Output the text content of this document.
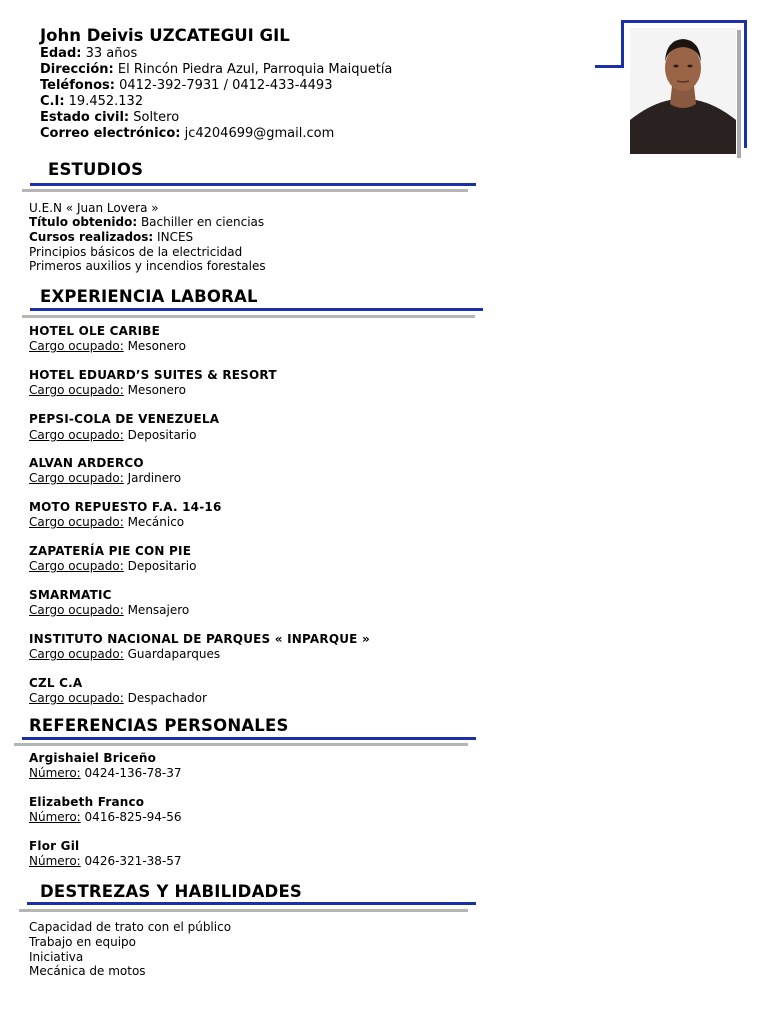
John Deivis UZCATEGUI GIL
Edad: 33 años
Dirección: El Rincón Piedra Azul, Parroquia Maiquetía
Teléfonos: 0412-392-7931 / 0412-433-4493
C.I: 19.452.132
Estado civil: Soltero
Correo electrónico: jc4204699@gmail.com
ESTUDIOS
U.E.N « Juan Lovera »
Título obtenido: Bachiller en ciencias
Cursos realizados: INCES
Principios básicos de la electricidad
Primeros auxilios y incendios forestales
EXPERIENCIA LABORAL
HOTEL OLE CARIBE
Cargo ocupado: Mesonero
HOTEL EDUARD’S SUITES & RESORT
Cargo ocupado: Mesonero
PEPSI-COLA DE VENEZUELA
Cargo ocupado: Depositario
ALVAN ARDERCO
Cargo ocupado: Jardinero
MOTO REPUESTO F.A. 14-16
Cargo ocupado: Mecánico
ZAPATERÍA PIE CON PIE
Cargo ocupado: Depositario
SMARMATIC
Cargo ocupado: Mensajero
INSTITUTO NACIONAL DE PARQUES « INPARQUE »
Cargo ocupado: Guardaparques
CZL C.A
Cargo ocupado: Despachador
REFERENCIAS PERSONALES
Argishaiel Briceño
Número: 0424-136-78-37
Elizabeth Franco
Número: 0416-825-94-56
Flor Gil
Número: 0426-321-38-57
DESTREZAS Y HABILIDADES
Capacidad de trato con el público
Trabajo en equipo
Iniciativa
Mecánica de motos
